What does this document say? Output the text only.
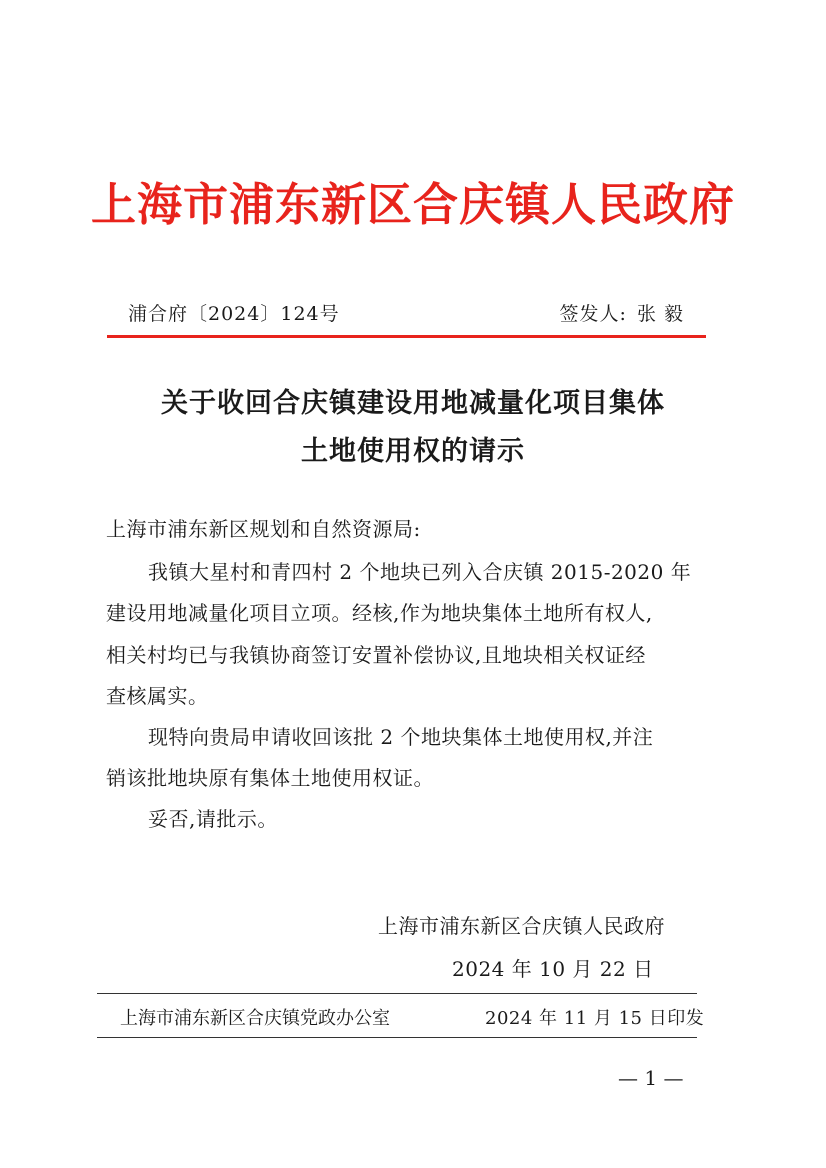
上海市浦东新区合庆镇人民政府
浦合府〔2024〕124号	签发人: 张 毅
关于收回合庆镇建设用地减量化项目集体
土地使用权的请示
上海市浦东新区规划和自然资源局:
我镇大星村和青四村 2 个地块已列入合庆镇 2015-2020 年
建设用地减量化项目立项。经核,作为地块集体土地所有权人,
相关村均已与我镇协商签订安置补偿协议,且地块相关权证经
查核属实。
现特向贵局申请收回该批 2 个地块集体土地使用权,并注
销该批地块原有集体土地使用权证。
妥否,请批示。
上海市浦东新区合庆镇人民政府
2024 年 10 月 22 日
上海市浦东新区合庆镇党政办公室	2024 年 11 月 15 日印发
— 1 —
